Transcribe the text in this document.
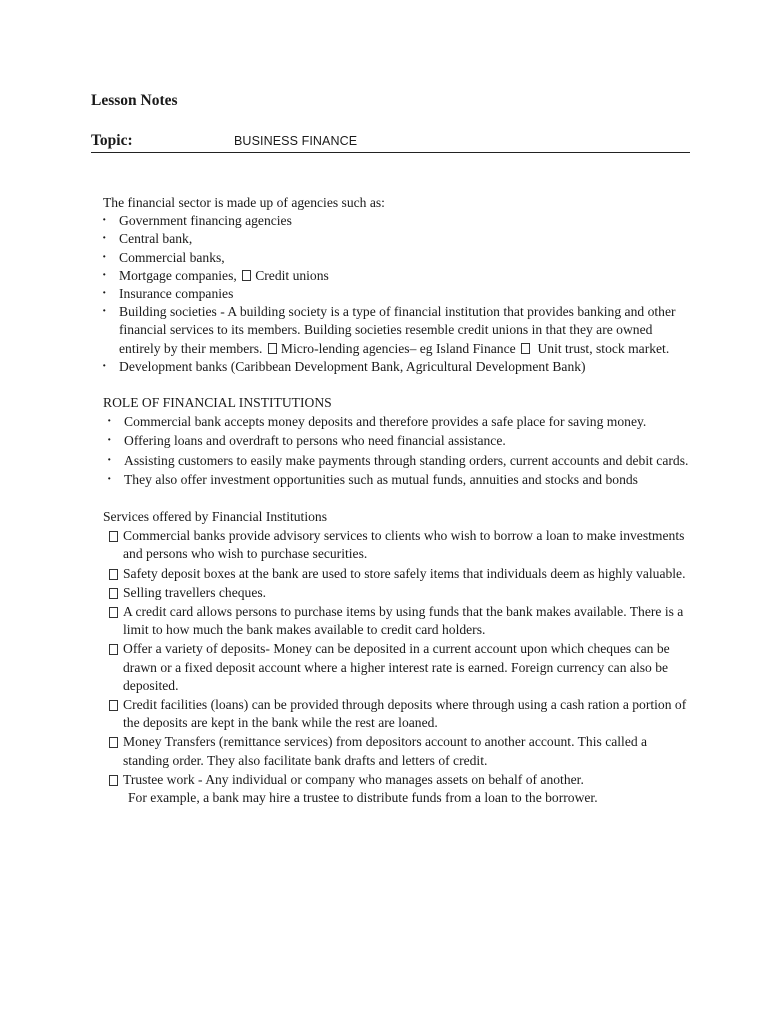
Lesson Notes
Topic:	BUSINESS FINANCE

The financial sector is made up of agencies such as:

· Government financing agencies
· Central bank,
· Commercial banks,
· Mortgage companies, Credit unions
· Insurance companies
· Building societies - A building society is a type of financial institution that provides banking and other financial services to its members. Building societies resemble credit unions in that they are owned entirely by their members. Micro-lending agencies– eg Island Finance Unit trust, stock market.
· Development banks (Caribbean Development Bank, Agricultural Development Bank)

ROLE OF FINANCIAL INSTITUTIONS

· Commercial bank accepts money deposits and therefore provides a safe place for saving money.
· Offering loans and overdraft to persons who need financial assistance.
· Assisting customers to easily make payments through standing orders, current accounts and debit cards.
· They also offer investment opportunities such as mutual funds, annuities and stocks and bonds

Services offered by Financial Institutions

Commercial banks provide advisory services to clients who wish to borrow a loan to make investments and persons who wish to purchase securities.
Safety deposit boxes at the bank are used to store safely items that individuals deem as highly valuable.
Selling travellers cheques.
A credit card allows persons to purchase items by using funds that the bank makes available. There is a limit to how much the bank makes available to credit card holders.
Offer a variety of deposits- Money can be deposited in a current account upon which cheques can be drawn or a fixed deposit account where a higher interest rate is earned. Foreign currency can also be deposited.
Credit facilities (loans) can be provided through deposits where through using a cash ration a portion of the deposits are kept in the bank while the rest are loaned.
Money Transfers (remittance services) from depositors account to another account. This called a standing order. They also facilitate bank drafts and letters of credit.
Trustee work - Any individual or company who manages assets on behalf of another.
For example, a bank may hire a trustee to distribute funds from a loan to the borrower.
